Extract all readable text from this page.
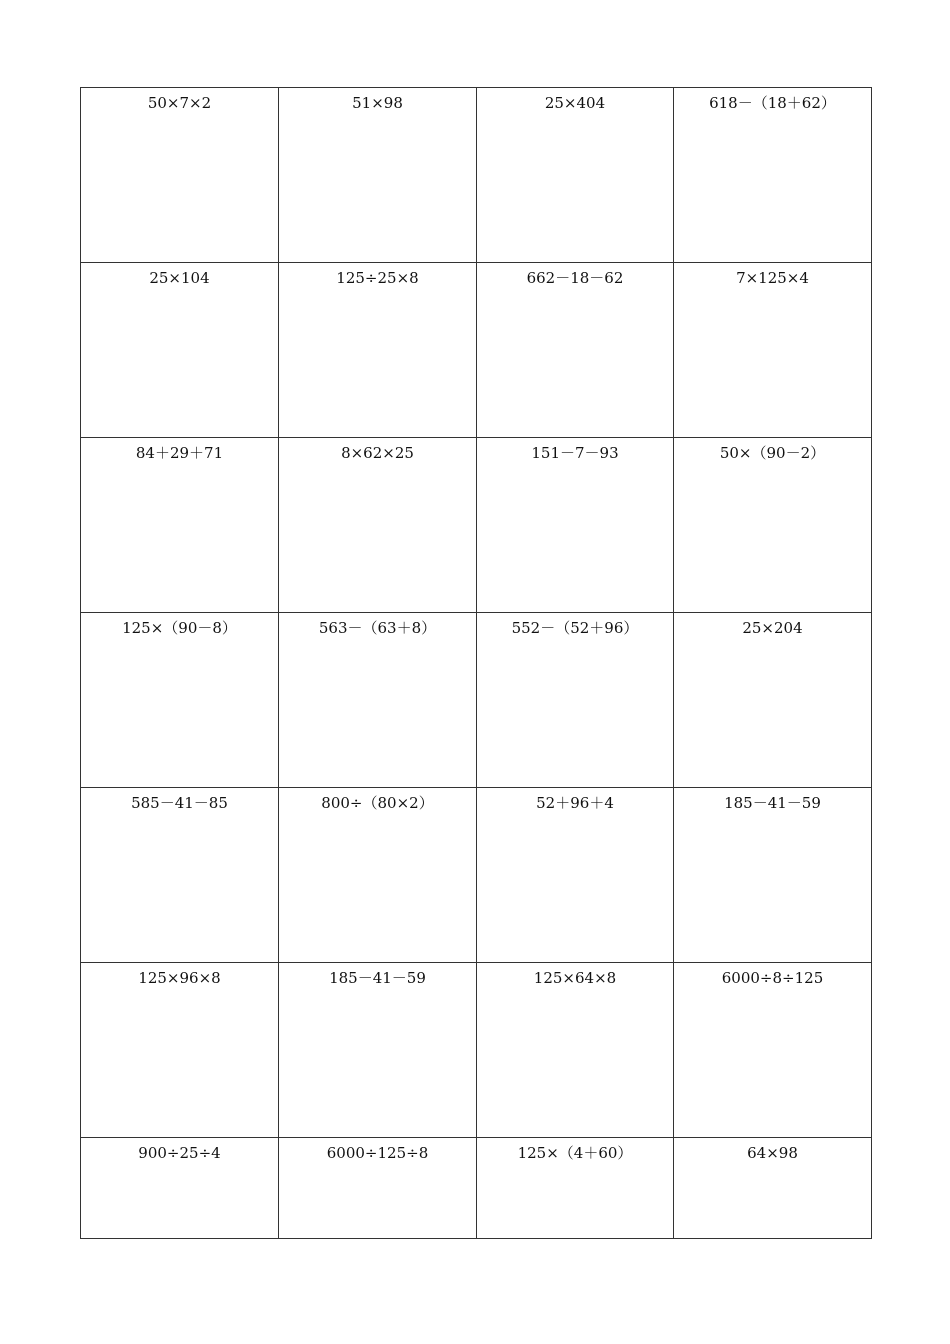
50×7×2	51×98	25×404	618－（18＋62）
25×104	125÷25×8	662－18－62	7×125×4
84＋29＋71	8×62×25	151－7－93	50×（90－2）
125×（90－8）	563－（63＋8）	552－（52＋96）	25×204
585－41－85	800÷（80×2）	52＋96＋4	185－41－59
125×96×8	185－41－59	125×64×8	6000÷8÷125
900÷25÷4	6000÷125÷8	125×（4＋60）	64×98
